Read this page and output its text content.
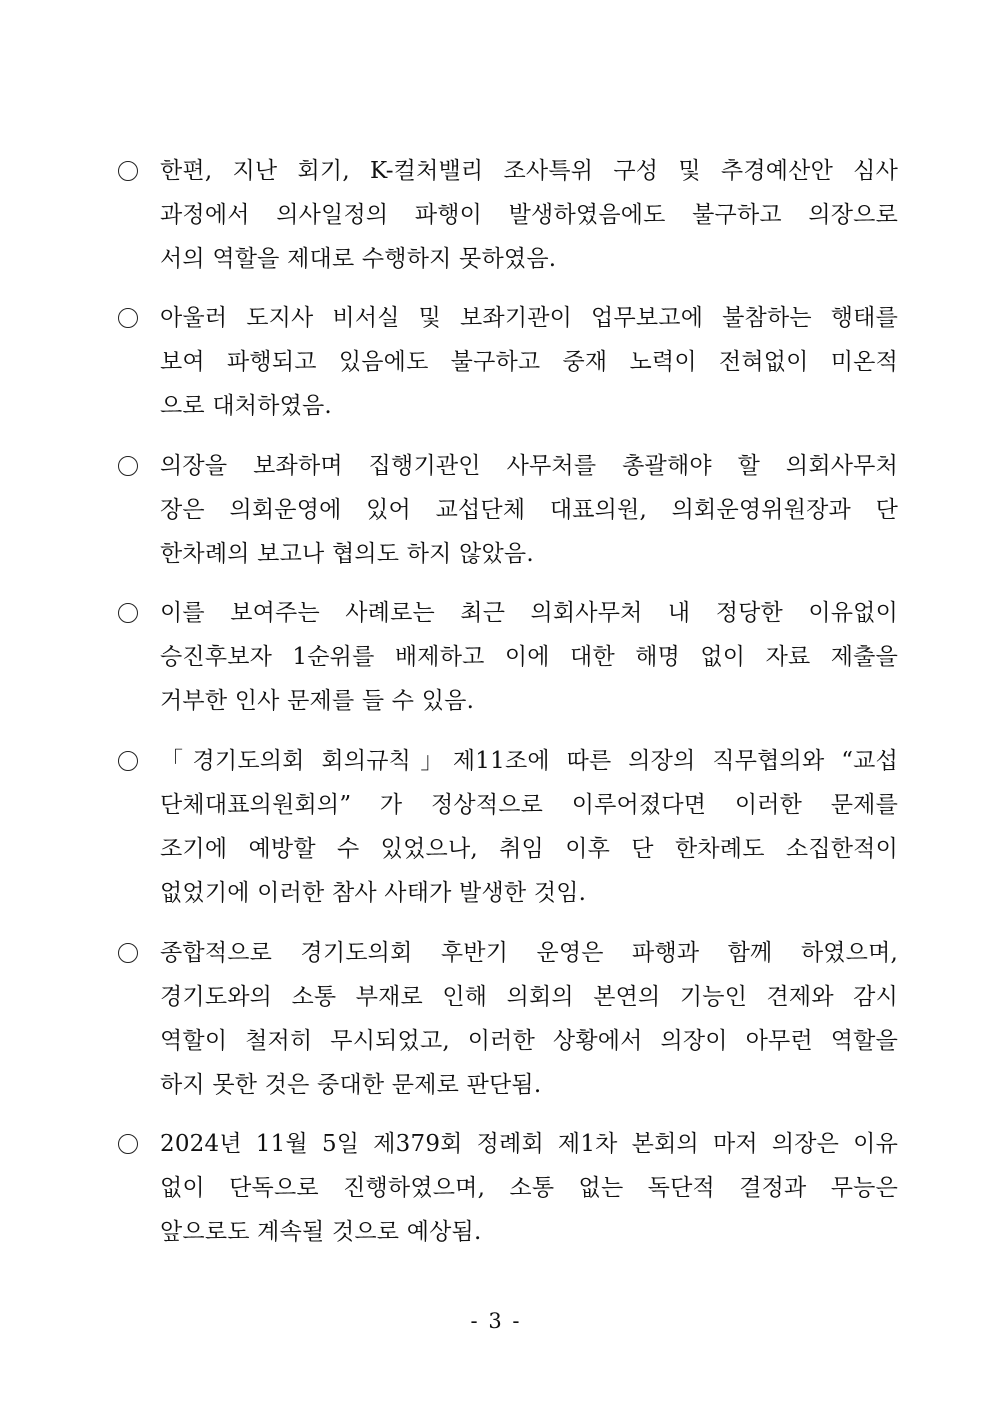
한편, 지난 회기, K-컬처밸리 조사특위 구성 및 추경예산안 심사
과정에서 의사일정의 파행이 발생하였음에도 불구하고 의장으로
서의 역할을 제대로 수행하지 못하였음.
아울러 도지사 비서실 및 보좌기관이 업무보고에 불참하는 행태를
보여 파행되고 있음에도 불구하고 중재 노력이 전혀없이 미온적
으로 대처하였음.
의장을 보좌하며 집행기관인 사무처를 총괄해야 할 의회사무처
장은 의회운영에 있어 교섭단체 대표의원, 의회운영위원장과 단
한차례의 보고나 협의도 하지 않았음.
이를 보여주는 사례로는 최근 의회사무처 내 정당한 이유없이
승진후보자 1순위를 배제하고 이에 대한 해명 없이 자료 제출을
거부한 인사 문제를 들 수 있음.
「경기도의회 회의규칙」제11조에 따른 의장의 직무협의와 “교섭
단체대표의원회의” 가 정상적으로 이루어졌다면 이러한 문제를
조기에 예방할 수 있었으나, 취임 이후 단 한차례도 소집한적이
없었기에 이러한 참사 사태가 발생한 것임.
종합적으로 경기도의회 후반기 운영은 파행과 함께 하였으며,
경기도와의 소통 부재로 인해 의회의 본연의 기능인 견제와 감시
역할이 철저히 무시되었고, 이러한 상황에서 의장이 아무런 역할을
하지 못한 것은 중대한 문제로 판단됨.
2024년 11월 5일 제379회 정례회 제1차 본회의 마저 의장은 이유
없이 단독으로 진행하였으며, 소통 없는 독단적 결정과 무능은
앞으로도 계속될 것으로 예상됨.
- 3 -
